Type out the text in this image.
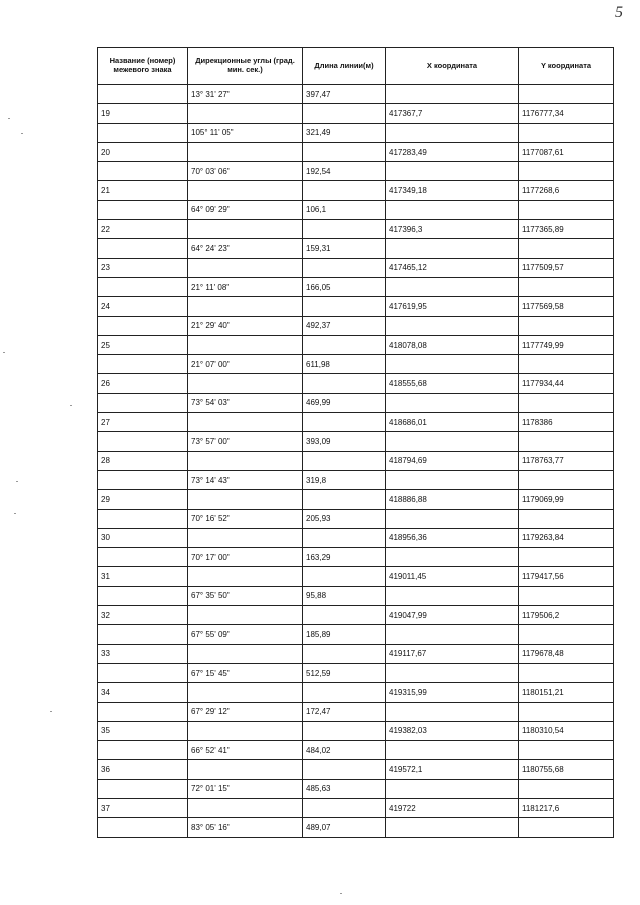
5
Название (номер) межевого знака	Дирекционные углы (град. мин. сек.)	Длина линии(м)	X координата	Y координата
	13° 31' 27"	397,47		
19			417367,7	1176777,34
	105° 11' 05"	321,49		
20			417283,49	1177087,61
	70° 03' 06"	192,54		
21			417349,18	1177268,6
	64° 09' 29"	106,1		
22			417396,3	1177365,89
	64° 24' 23"	159,31		
23			417465,12	1177509,57
	21° 11' 08"	166,05		
24			417619,95	1177569,58
	21° 29' 40"	492,37		
25			418078,08	1177749,99
	21° 07' 00"	611,98		
26			418555,68	1177934,44
	73° 54' 03"	469,99		
27			418686,01	1178386
	73° 57' 00"	393,09		
28			418794,69	1178763,77
	73° 14' 43"	319,8		
29			418886,88	1179069,99
	70° 16' 52"	205,93		
30			418956,36	1179263,84
	70° 17' 00"	163,29		
31			419011,45	1179417,56
	67° 35' 50"	95,88		
32			419047,99	1179506,2
	67° 55' 09"	185,89		
33			419117,67	1179678,48
	67° 15' 45"	512,59		
34			419315,99	1180151,21
	67° 29' 12"	172,47		
35			419382,03	1180310,54
	66° 52' 41"	484,02		
36			419572,1	1180755,68
	72° 01' 15"	485,63		
37			419722	1181217,6
	83° 05' 16"	489,07		
